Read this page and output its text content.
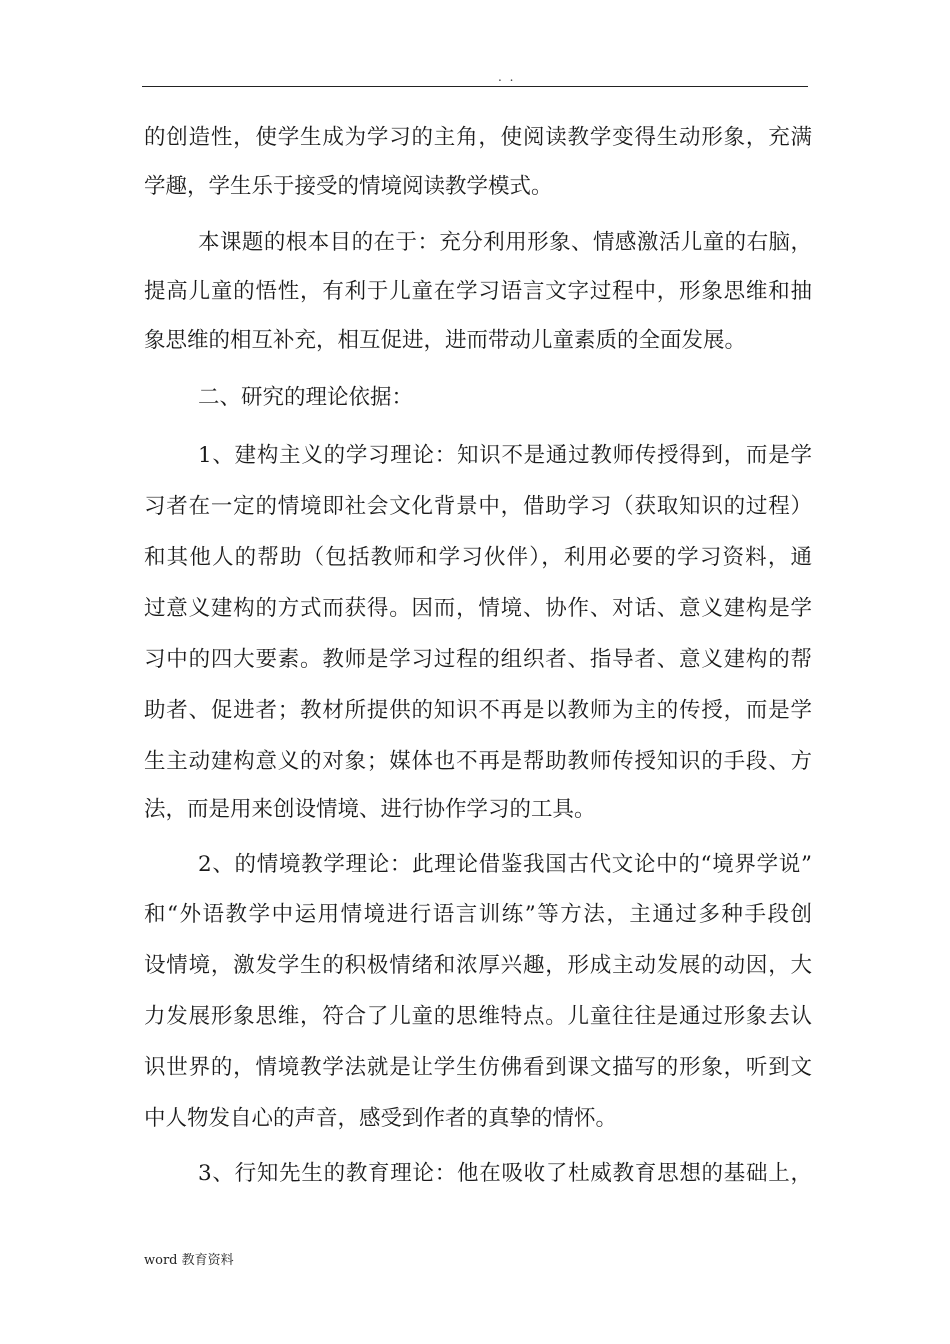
. .
的创造性，使学生成为学习的主角，使阅读教学变得生动形象，充满
学趣，学生乐于接受的情境阅读教学模式。
本课题的根本目的在于：充分利用形象、情感激活儿童的右脑，
提高儿童的悟性，有利于儿童在学习语言文字过程中，形象思维和抽
象思维的相互补充，相互促进，进而带动儿童素质的全面发展。
二、研究的理论依据：
1、建构主义的学习理论：知识不是通过教师传授得到，而是学
习者在一定的情境即社会文化背景中，借助学习（获取知识的过程）
和其他人的帮助（包括教师和学习伙伴），利用必要的学习资料，通
过意义建构的方式而获得。因而，情境、协作、对话、意义建构是学
习中的四大要素。教师是学习过程的组织者、指导者、意义建构的帮
助者、促进者；教材所提供的知识不再是以教师为主的传授，而是学
生主动建构意义的对象；媒体也不再是帮助教师传授知识的手段、方
法，而是用来创设情境、进行协作学习的工具。
2、的情境教学理论：此理论借鉴我国古代文论中的“境界学说”
和“外语教学中运用情境进行语言训练”等方法，主通过多种手段创
设情境，激发学生的积极情绪和浓厚兴趣，形成主动发展的动因，大
力发展形象思维，符合了儿童的思维特点。儿童往往是通过形象去认
识世界的，情境教学法就是让学生仿佛看到课文描写的形象，听到文
中人物发自心的声音，感受到作者的真挚的情怀。
3、行知先生的教育理论：他在吸收了杜威教育思想的基础上，
word 教育资料
